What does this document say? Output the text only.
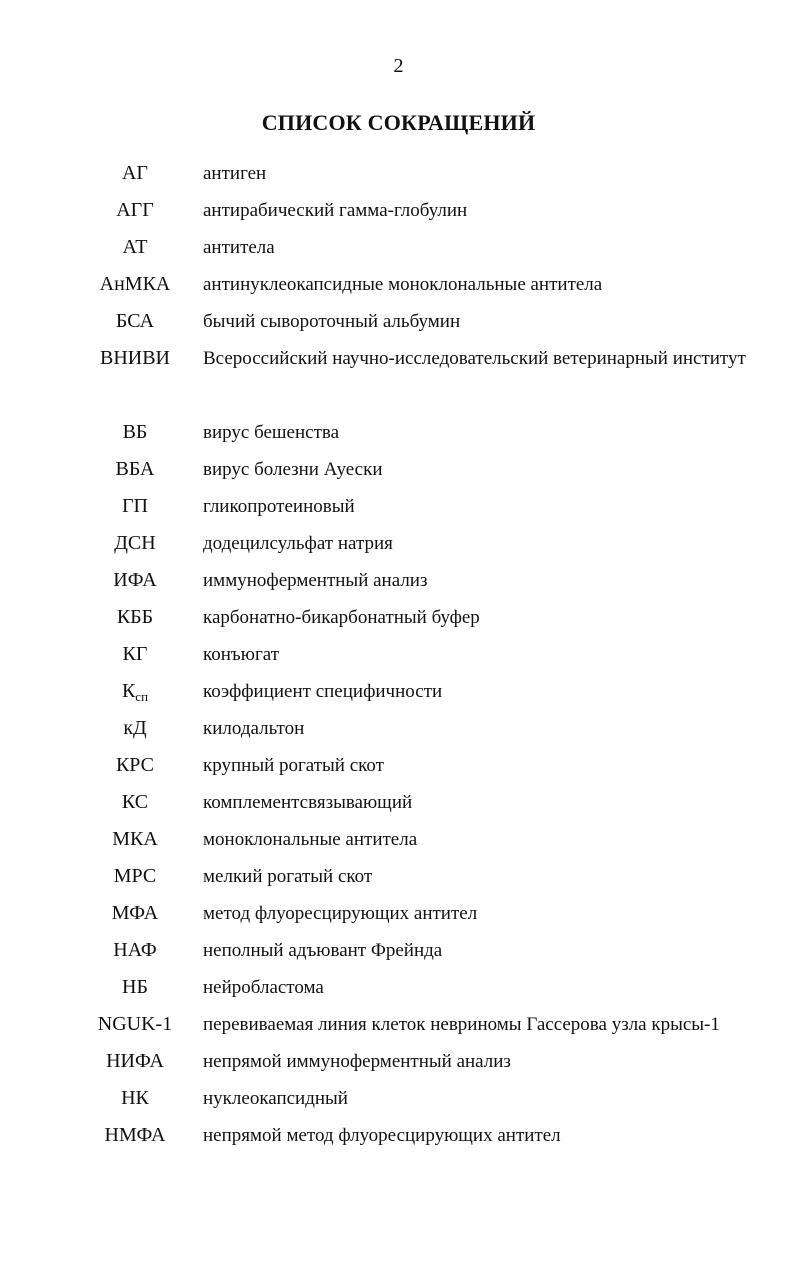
2
СПИСОК СОКРАЩЕНИЙ
АГ	антиген
АГГ	антирабический гамма-глобулин
АТ	антитела
АнМКА	антинуклеокапсидные моноклональные антитела
БСА	бычий сывороточный альбумин
ВНИВИ	Всероссийский научно-исследовательский ветеринарный институт
ВБ	вирус бешенства
ВБА	вирус болезни Ауески
ГП	гликопротеиновый
ДСН	додецилсульфат натрия
ИФА	иммуноферментный анализ
КББ	карбонатно-бикарбонатный буфер
КГ	конъюгат
$К_{сп}$	коэффициент специфичности
кД	килодальтон
КРС	крупный рогатый скот
КС	комплементсвязывающий
МКА	моноклональные антитела
МРС	мелкий рогатый скот
МФА	метод флуоресцирующих антител
НАФ	неполный адъювант Фрейнда
НБ	нейробластома
NGUK-1	перевиваемая линия клеток невриномы Гассерова узла крысы-1
НИФА	непрямой иммуноферментный анализ
НК	нуклеокапсидный
НМФА	непрямой метод флуоресцирующих антител
